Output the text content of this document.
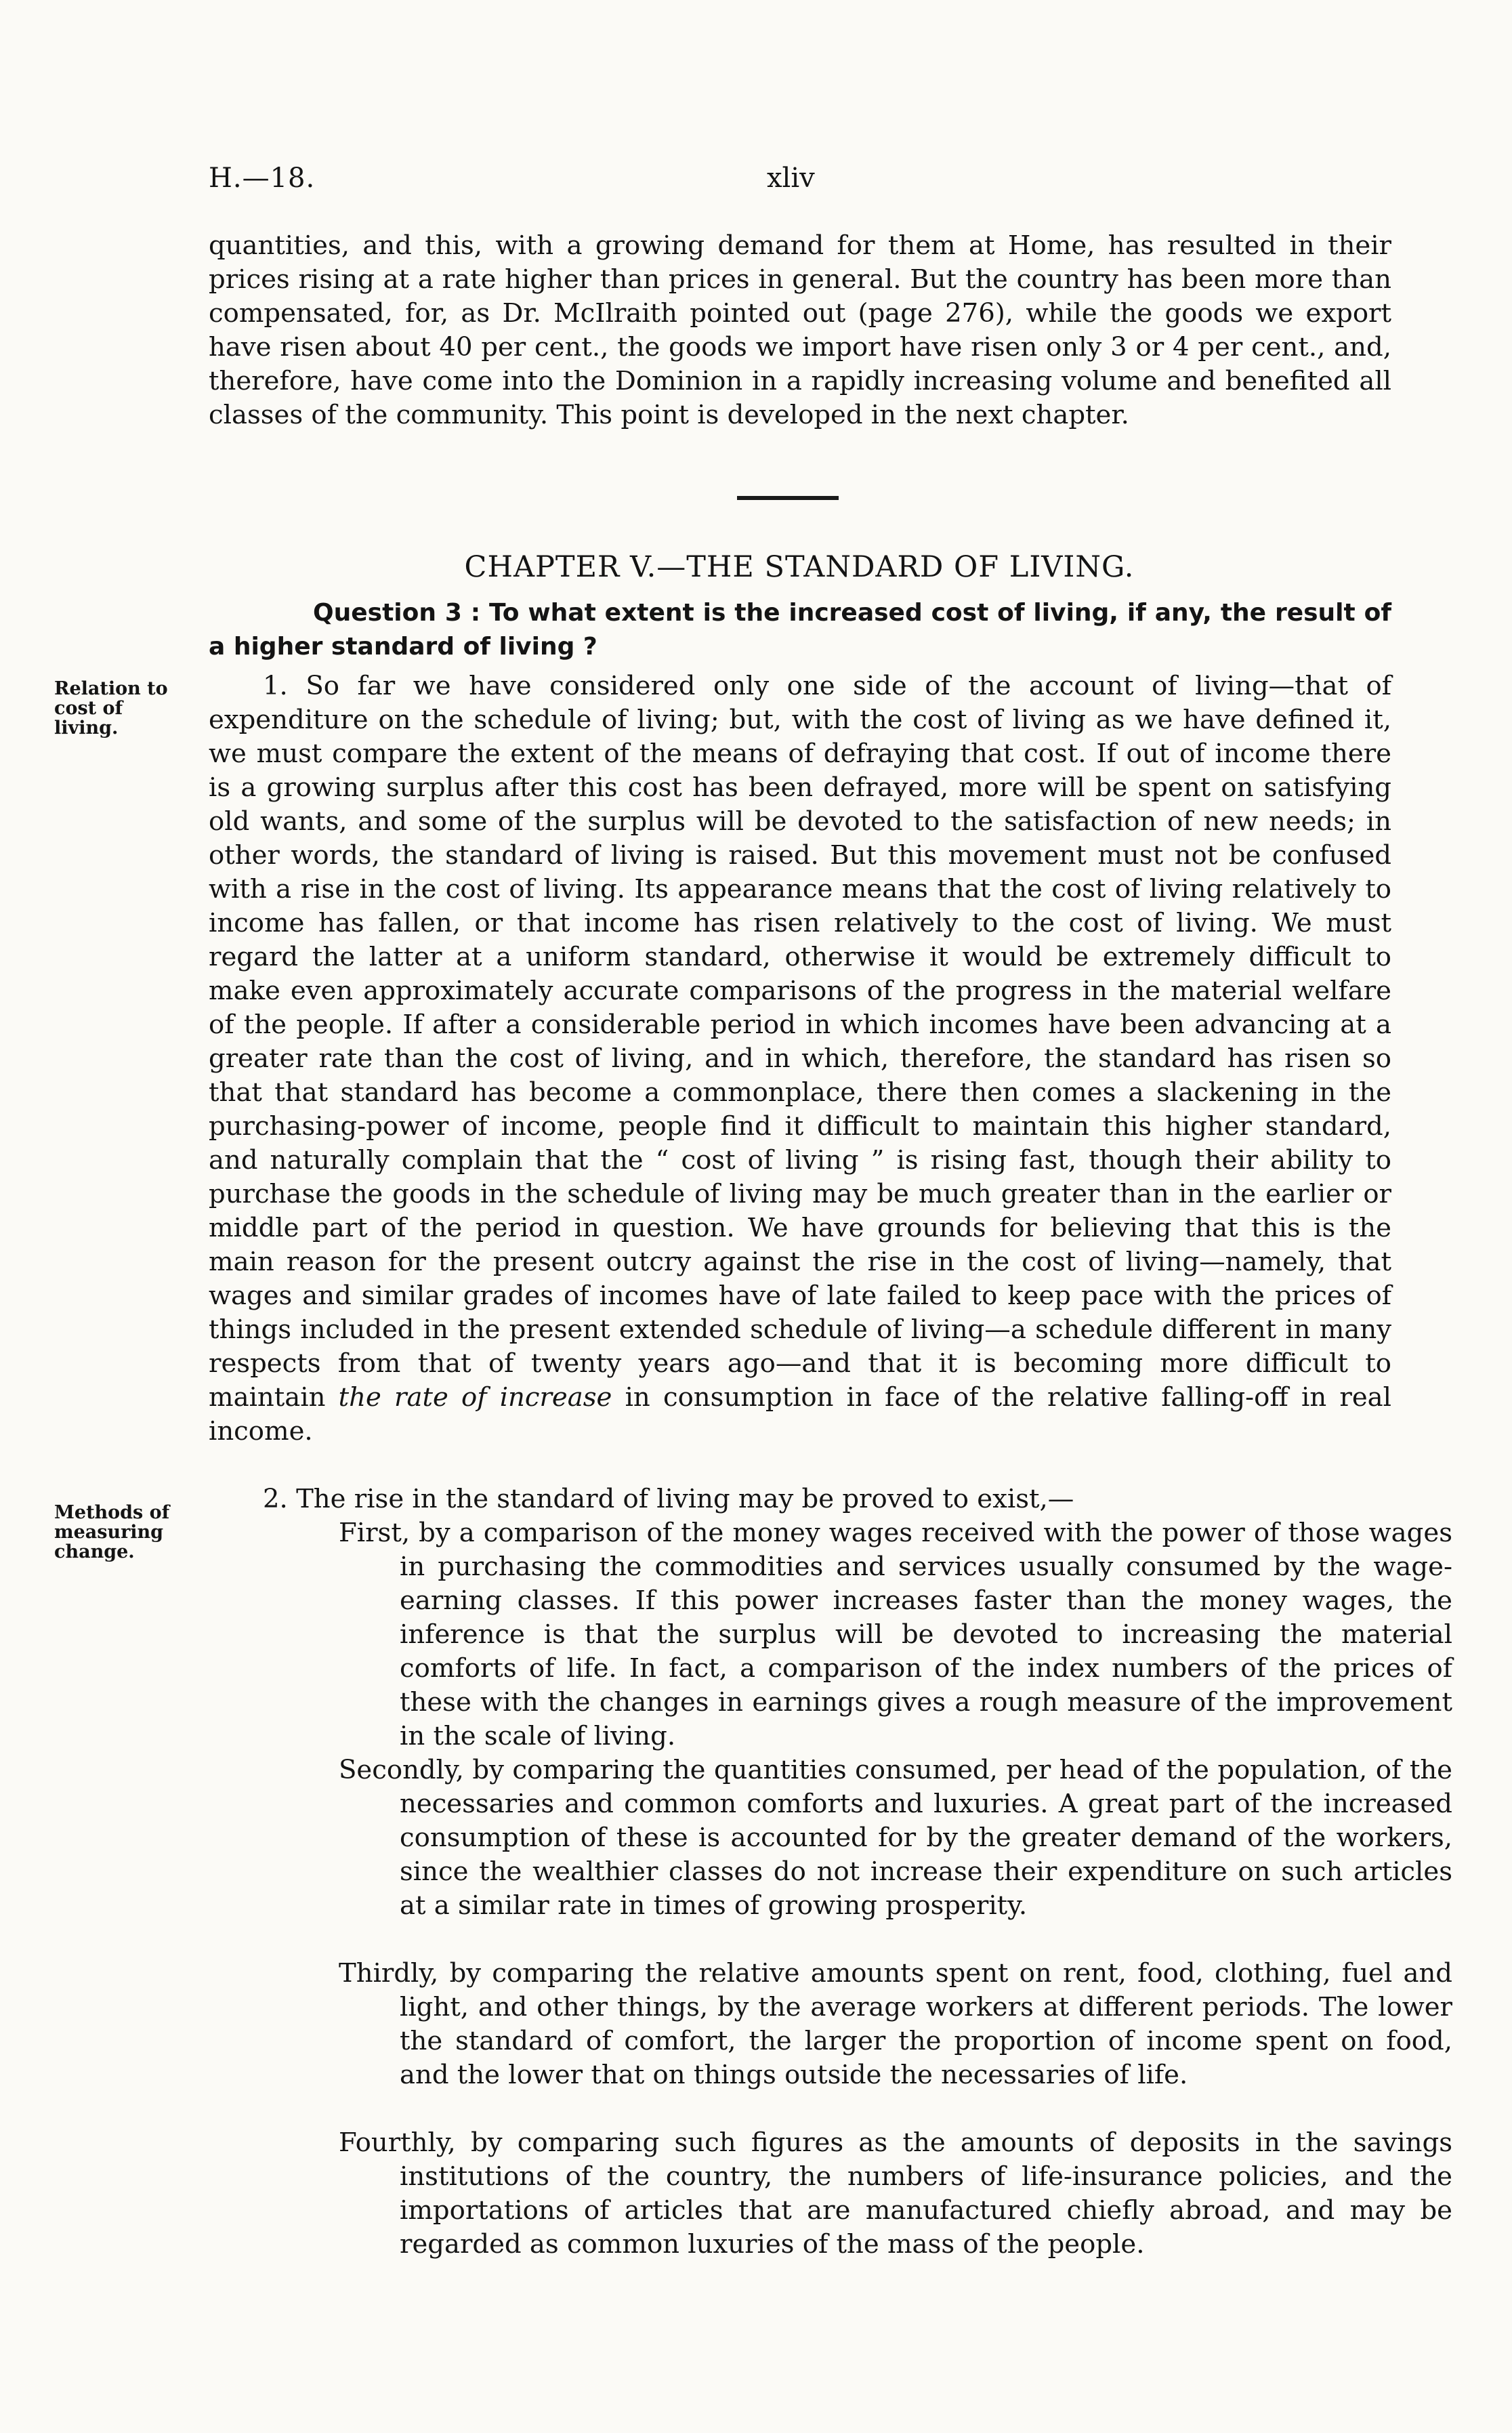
H.—18.	xliv
quantities, and this, with a growing demand for them at Home, has resulted in their prices rising at a rate higher than prices in general. But the country has been more than compensated, for, as Dr. McIlraith pointed out (page 276), while the goods we export have risen about 40 per cent., the goods we import have risen only 3 or 4 per cent., and, therefore, have come into the Dominion in a rapidly increasing volume and benefited all classes of the community. This point is developed in the next chapter.
CHAPTER V.—THE STANDARD OF LIVING.
Question 3 : To what extent is the increased cost of living, if any, the result of a higher standard of living ?
Relation to cost of living.
1. So far we have considered only one side of the account of living—that of expenditure on the schedule of living; but, with the cost of living as we have defined it, we must compare the extent of the means of defraying that cost. If out of income there is a growing surplus after this cost has been defrayed, more will be spent on satisfying old wants, and some of the surplus will be devoted to the satisfaction of new needs; in other words, the standard of living is raised. But this movement must not be confused with a rise in the cost of living. Its appearance means that the cost of living relatively to income has fallen, or that income has risen relatively to the cost of living. We must regard the latter at a uniform standard, otherwise it would be extremely difficult to make even approximately accurate comparisons of the progress in the material welfare of the people. If after a considerable period in which incomes have been advancing at a greater rate than the cost of living, and in which, therefore, the standard has risen so that that standard has become a commonplace, there then comes a slackening in the purchasing-power of income, people find it difficult to maintain this higher standard, and naturally complain that the “ cost of living ” is rising fast, though their ability to purchase the goods in the schedule of living may be much greater than in the earlier or middle part of the period in question. We have grounds for believing that this is the main reason for the present outcry against the rise in the cost of living—namely, that wages and similar grades of incomes have of late failed to keep pace with the prices of things included in the present extended schedule of living—a schedule different in many respects from that of twenty years ago—and that it is becoming more difficult to maintain the rate of increase in consumption in face of the relative falling-off in real income.
Methods of measuring change.
2. The rise in the standard of living may be proved to exist,—
First, by a comparison of the money wages received with the power of those wages in purchasing the commodities and services usually consumed by the wage-earning classes. If this power increases faster than the money wages, the inference is that the surplus will be devoted to increasing the material comforts of life. In fact, a comparison of the index numbers of the prices of these with the changes in earnings gives a rough measure of the improvement in the scale of living.
Secondly, by comparing the quantities consumed, per head of the population, of the necessaries and common comforts and luxuries. A great part of the increased consumption of these is accounted for by the greater demand of the workers, since the wealthier classes do not increase their expenditure on such articles at a similar rate in times of growing prosperity.
Thirdly, by comparing the relative amounts spent on rent, food, clothing, fuel and light, and other things, by the average workers at different periods. The lower the standard of comfort, the larger the proportion of income spent on food, and the lower that on things outside the necessaries of life.
Fourthly, by comparing such figures as the amounts of deposits in the savings institutions of the country, the numbers of life-insurance policies, and the importations of articles that are manufactured chiefly abroad, and may be regarded as common luxuries of the mass of the people.
